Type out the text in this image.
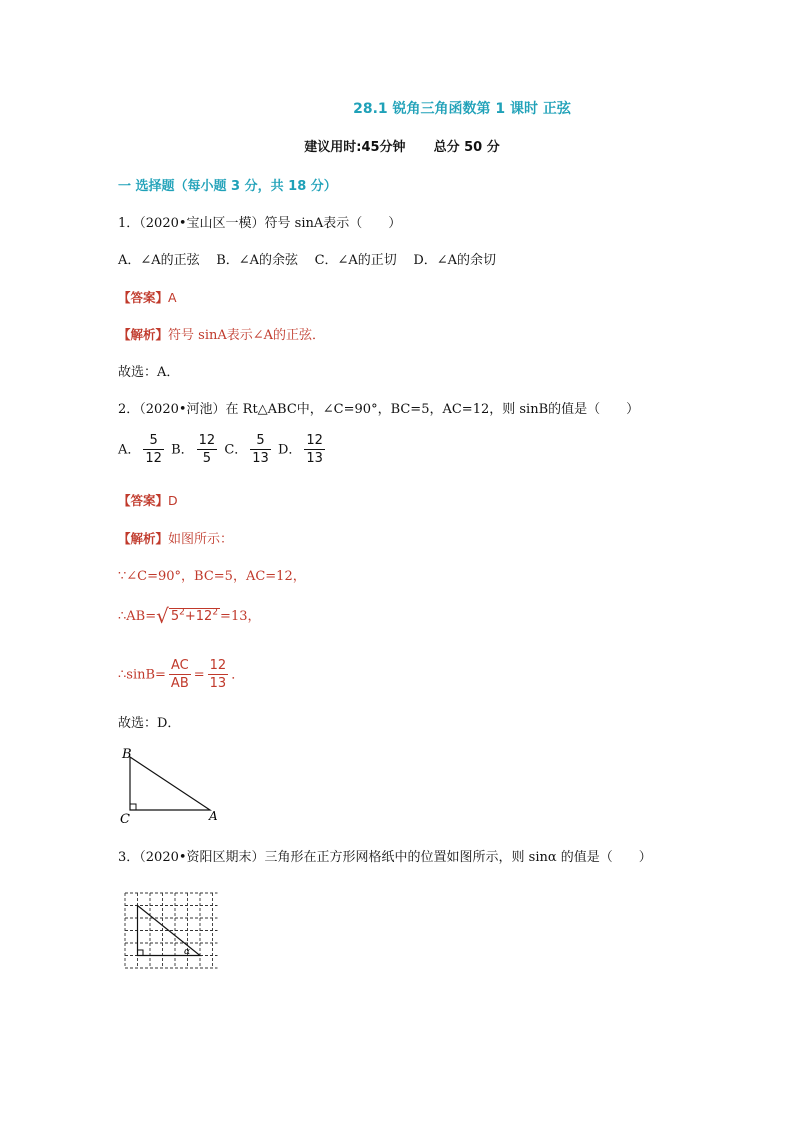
28.1 锐角三角函数第 1 课时 正弦
建议用时:45分钟 总分 50 分
一 选择题（每小题 3 分，共 18 分）
1．（2020•宝山区一模）符号 sinA表示（　　）
A．∠A的正弦 B．∠A的余弦 C．∠A的正切 D．∠A的余切
【答案】A
【解析】符号 sinA表示∠A的正弦．
故选：A．
2．（2020•河池）在 Rt△ABC中，∠C=90°，BC=5，AC=12，则 sinB的值是（　　）
A． $\frac{5}{12}$ B． $\frac{12}{5}$ C． $\frac{5}{13}$ D． $\frac{12}{13}$
【答案】D
【解析】如图所示：
∵∠C=90°，BC=5，AC=12，
∴AB=√ $5^2+12^2 =13$，
∴sinB= $\frac{AC}{AB} = \frac{12}{13}$ ．
故选：D．
B
C	A
3．（2020•资阳区期末）三角形在正方形网格纸中的位置如图所示，则 sinα 的值是（　　）
α
